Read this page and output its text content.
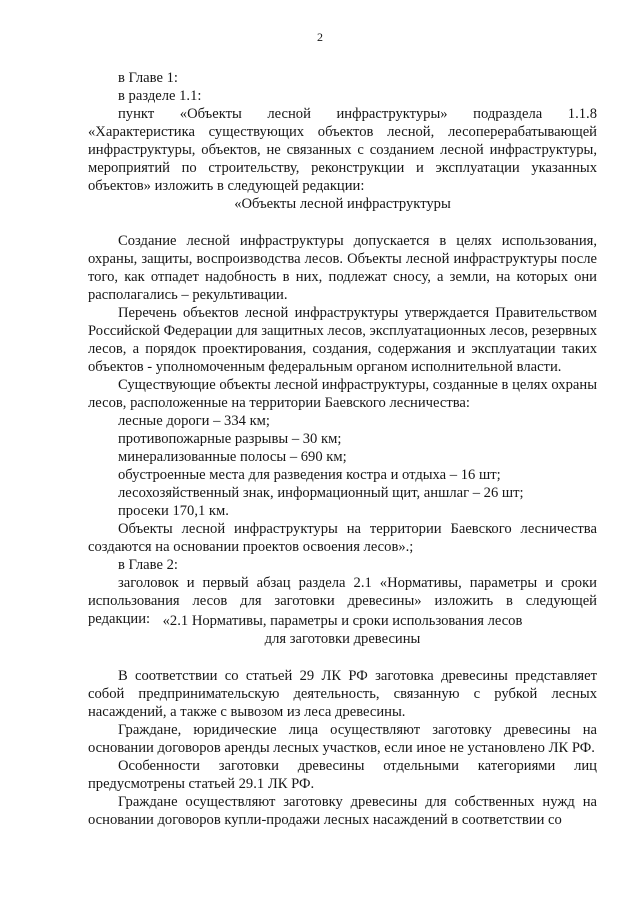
2
в Главе 1:
в разделе 1.1:

пункт «Объекты лесной инфраструктуры» подраздела 1.1.8 «Характеристика существующих объектов лесной, лесоперерабатывающей инфраструктуры, объектов, не связанных с созданием лесной инфраструктуры, мероприятий по строительству, реконструкции и эксплуатации указанных объектов» изложить в следующей редакции:

«Объекты лесной инфраструктуры

Создание лесной инфраструктуры допускается в целях использования, охраны, защиты, воспроизводства лесов. Объекты лесной инфраструктуры после того, как отпадет надобность в них, подлежат сносу, а земли, на которых они располагались – рекультивации.

Перечень объектов лесной инфраструктуры утверждается Правительством Российской Федерации для защитных лесов, эксплуатационных лесов, резервных лесов, а порядок проектирования, создания, содержания и эксплуатации таких объектов - уполномоченным федеральным органом исполнительной власти.

Существующие объекты лесной инфраструктуры, созданные в целях охраны лесов, расположенные на территории Баевского лесничества:

лесные дороги – 334 км;
противопожарные разрывы – 30 км;
минерализованные полосы – 690 км;
обустроенные места для разведения костра и отдыха – 16 шт;
лесохозяйственный знак, информационный щит, аншлаг – 26 шт;
просеки 170,1 км.

Объекты лесной инфраструктуры на территории Баевского лесничества создаются на основании проектов освоения лесов».;

в Главе 2:

заголовок и первый абзац раздела 2.1 «Нормативы, параметры и сроки использования лесов для заготовки древесины» изложить в следующей редакции: «2.1 Нормативы, параметры и сроки использования лесов
для заготовки древесины

В соответствии со статьей 29 ЛК РФ заготовка древесины представляет собой предпринимательскую деятельность, связанную с рубкой лесных насаждений, а также с вывозом из леса древесины.

Граждане, юридические лица осуществляют заготовку древесины на основании договоров аренды лесных участков, если иное не установлено ЛК РФ.

Особенности заготовки древесины отдельными категориями лиц предусмотрены статьей 29.1 ЛК РФ.

Граждане осуществляют заготовку древесины для собственных нужд на основании договоров купли-продажи лесных насаждений в соответствии со
